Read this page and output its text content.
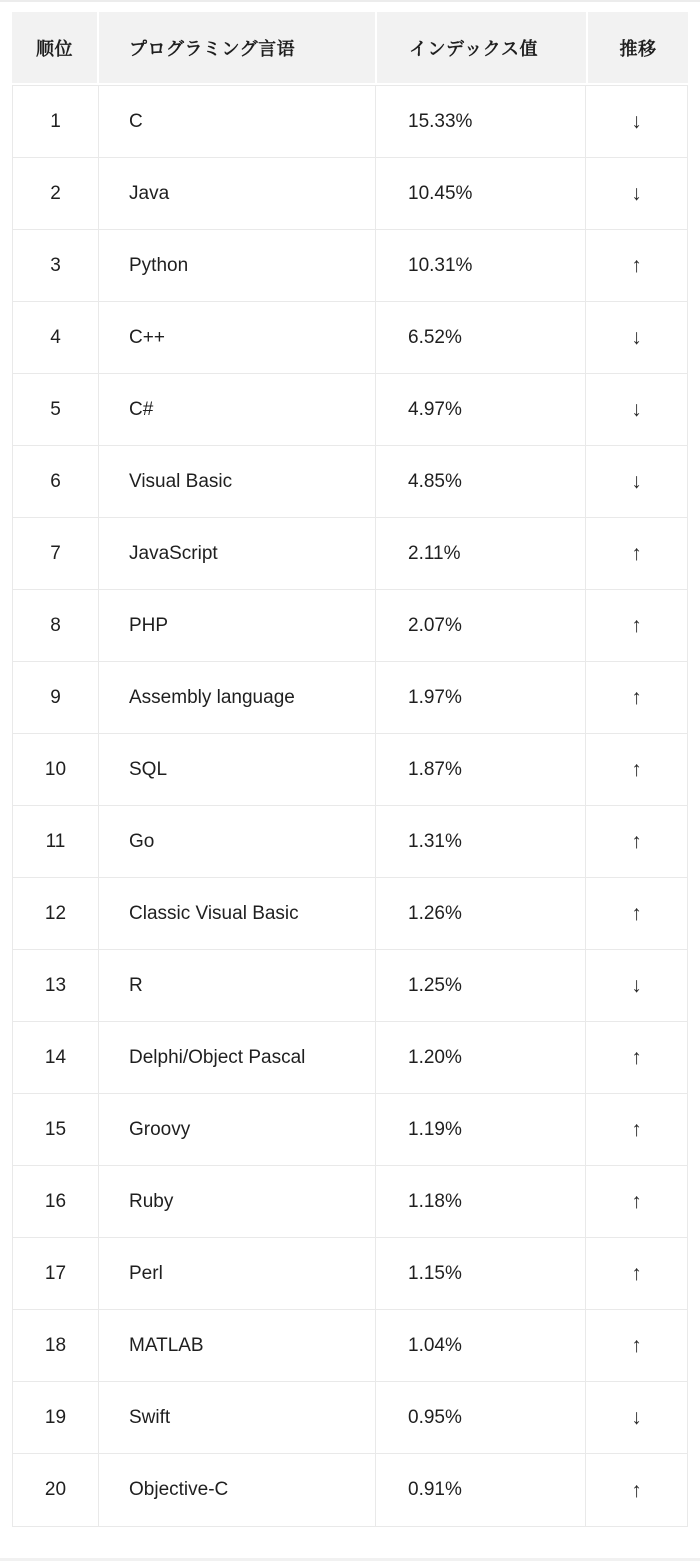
顺位	プログラミング言语	インデックス值	推移
1	C	15.33%	↓
2	Java	10.45%	↓
3	Python	10.31%	↑
4	C++	6.52%	↓
5	C#	4.97%	↓
6	Visual Basic	4.85%	↓
7	JavaScript	2.11%	↑
8	PHP	2.07%	↑
9	Assembly language	1.97%	↑
10	SQL	1.87%	↑
11	Go	1.31%	↑
12	Classic Visual Basic	1.26%	↑
13	R	1.25%	↓
14	Delphi/Object Pascal	1.20%	↑
15	Groovy	1.19%	↑
16	Ruby	1.18%	↑
17	Perl	1.15%	↑
18	MATLAB	1.04%	↑
19	Swift	0.95%	↓
20	Objective-C	0.91%	↑
